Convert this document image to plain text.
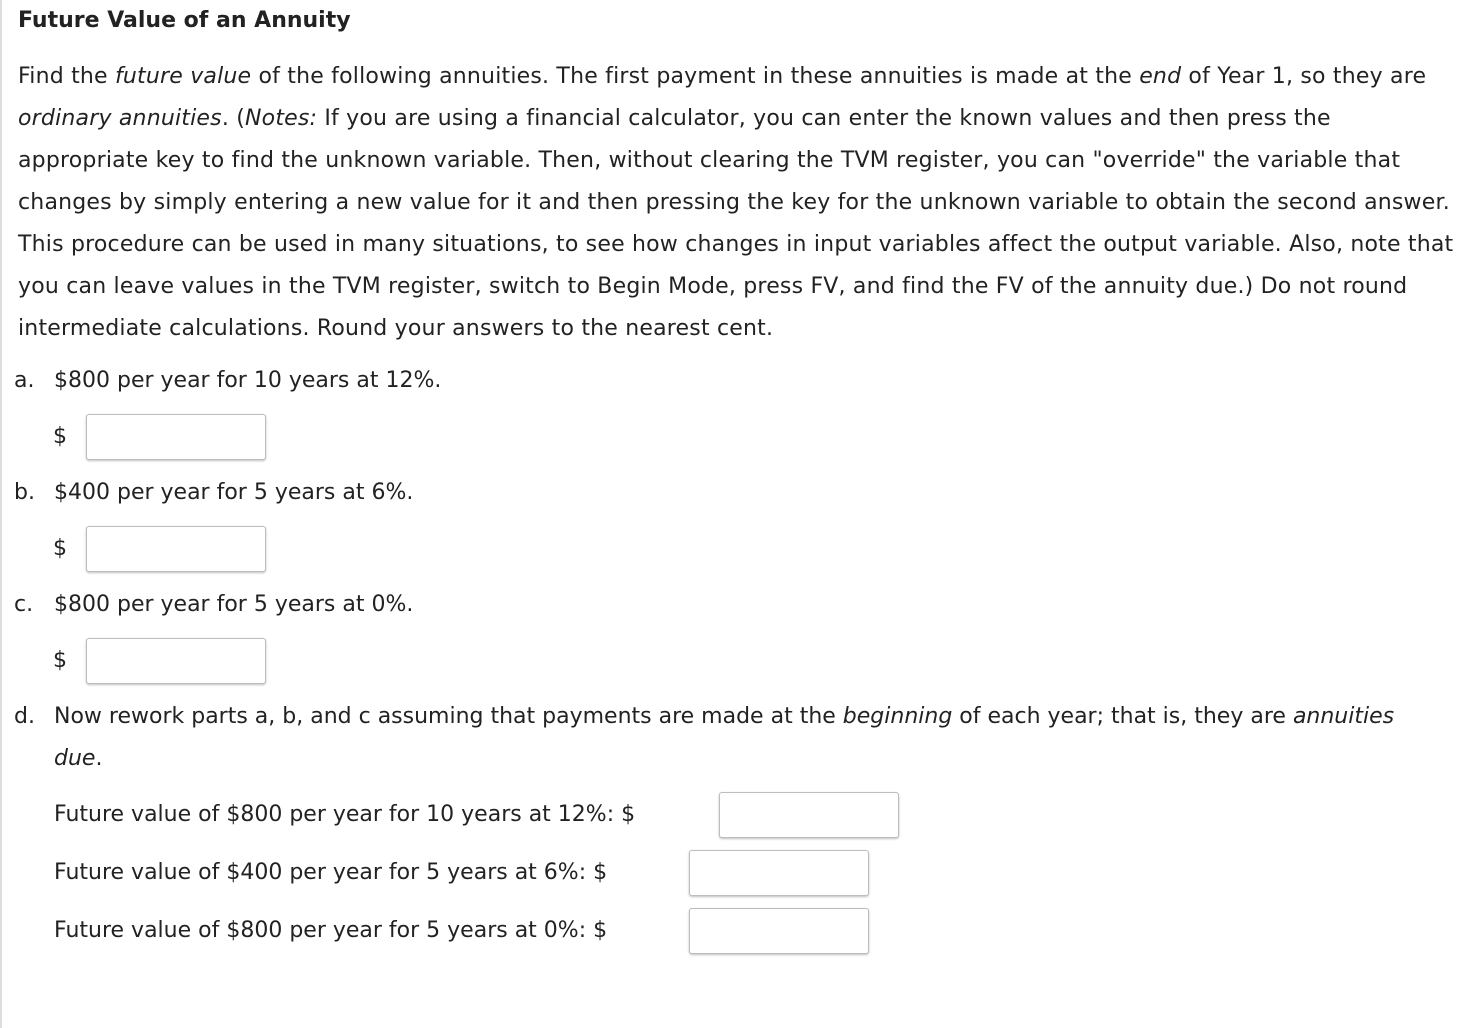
Future Value of an Annuity

Find the future value of the following annuities. The first payment in these annuities is made at the end of Year 1, so they are ordinary annuities. (Notes: If you are using a financial calculator, you can enter the known values and then press the appropriate key to find the unknown variable. Then, without clearing the TVM register, you can "override" the variable that changes by simply entering a new value for it and then pressing the key for the unknown variable to obtain the second answer. This procedure can be used in many situations, to see how changes in input variables affect the output variable. Also, note that you can leave values in the TVM register, switch to Begin Mode, press FV, and find the FV of the annuity due.) Do not round intermediate calculations. Round your answers to the nearest cent.

a. $800 per year for 10 years at 12%.
$
b. $400 per year for 5 years at 6%.
$
c. $800 per year for 5 years at 0%.
$
d. Now rework parts a, b, and c assuming that payments are made at the beginning of each year; that is, they are annuities due.
Future value of $800 per year for 10 years at 12%: $
Future value of $400 per year for 5 years at 6%: $
Future value of $800 per year for 5 years at 0%: $
